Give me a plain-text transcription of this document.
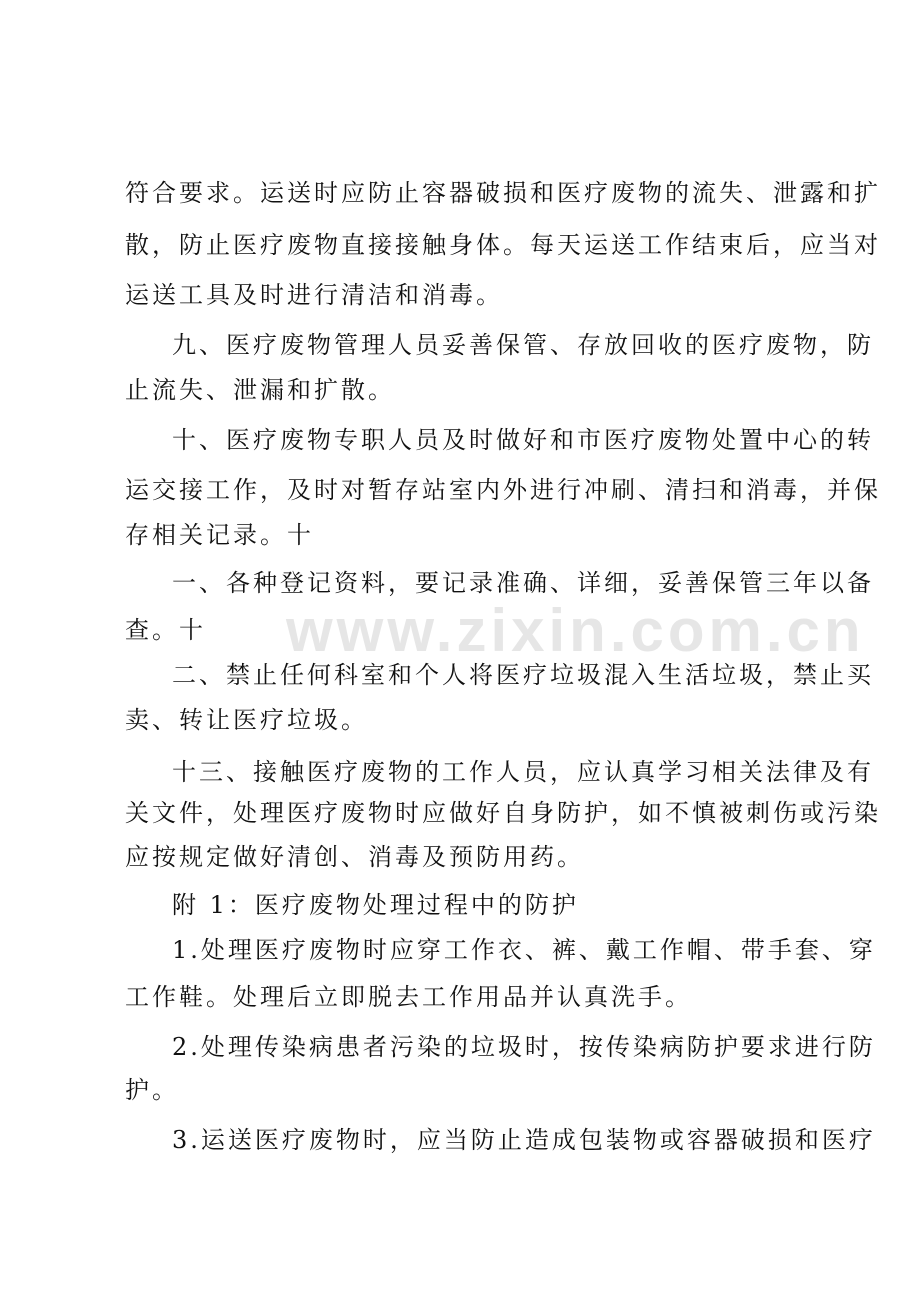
符合要求。运送时应防止容器破损和医疗废物的流失、泄露和扩
散，防止医疗废物直接接触身体。每天运送工作结束后，应当对
运送工具及时进行清洁和消毒。
九、医疗废物管理人员妥善保管、存放回收的医疗废物，防
止流失、泄漏和扩散。
十、医疗废物专职人员及时做好和市医疗废物处置中心的转
运交接工作，及时对暂存站室内外进行冲刷、清扫和消毒，并保
存相关记录。十
一、各种登记资料，要记录准确、详细，妥善保管三年以备
查。十
二、禁止任何科室和个人将医疗垃圾混入生活垃圾，禁止买
卖、转让医疗垃圾。
十三、接触医疗废物的工作人员，应认真学习相关法律及有
关文件，处理医疗废物时应做好自身防护，如不慎被刺伤或污染
应按规定做好清创、消毒及预防用药。
附 1：医疗废物处理过程中的防护
1.处理医疗废物时应穿工作衣、裤、戴工作帽、带手套、穿
工作鞋。处理后立即脱去工作用品并认真洗手。
2.处理传染病患者污染的垃圾时，按传染病防护要求进行防
护。
3.运送医疗废物时，应当防止造成包装物或容器破损和医疗
www.zixin.com.cn
